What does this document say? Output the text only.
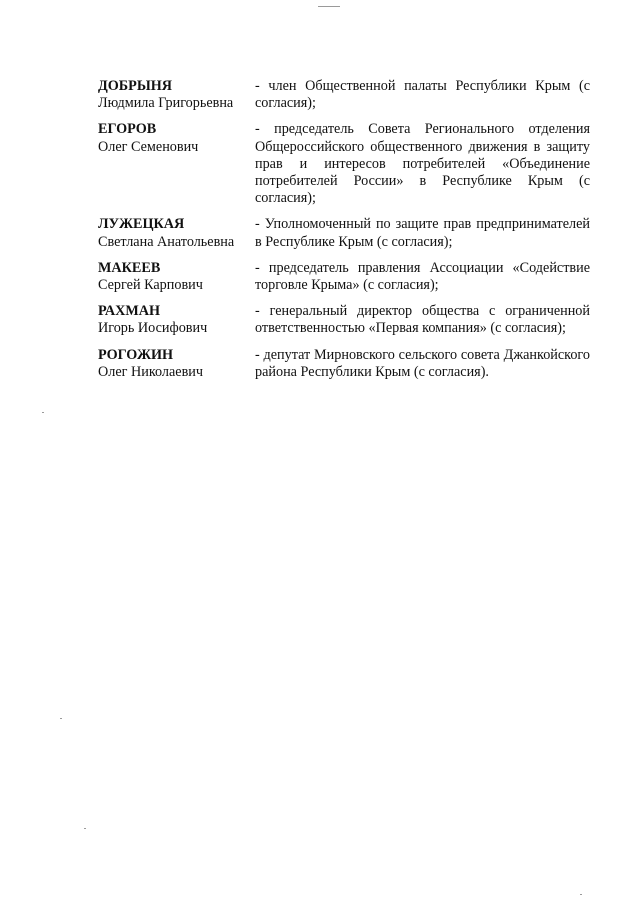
ДОБРЫНЯ
Людмила Григорьевна
- член Общественной палаты Республики Крым (с согласия);
ЕГОРОВ
Олег Семенович
- председатель Совета Регионального отделения Общероссийского общественного движения в защиту прав и интересов потребителей «Объединение потребителей России» в Республике Крым (с согласия);
ЛУЖЕЦКАЯ
Светлана Анатольевна
- Уполномоченный по защите прав предпринимателей в Республике Крым (с согласия);
МАКЕЕВ
Сергей Карпович
- председатель правления Ассоциации «Содействие торговле Крыма» (с согласия);
РАХМАН
Игорь Иосифович
- генеральный директор общества с ограниченной ответственностью «Первая компания» (с согласия);
РОГОЖИН
Олег Николаевич
- депутат Мирновского сельского совета Джанкойского района Республики Крым (с согласия).
